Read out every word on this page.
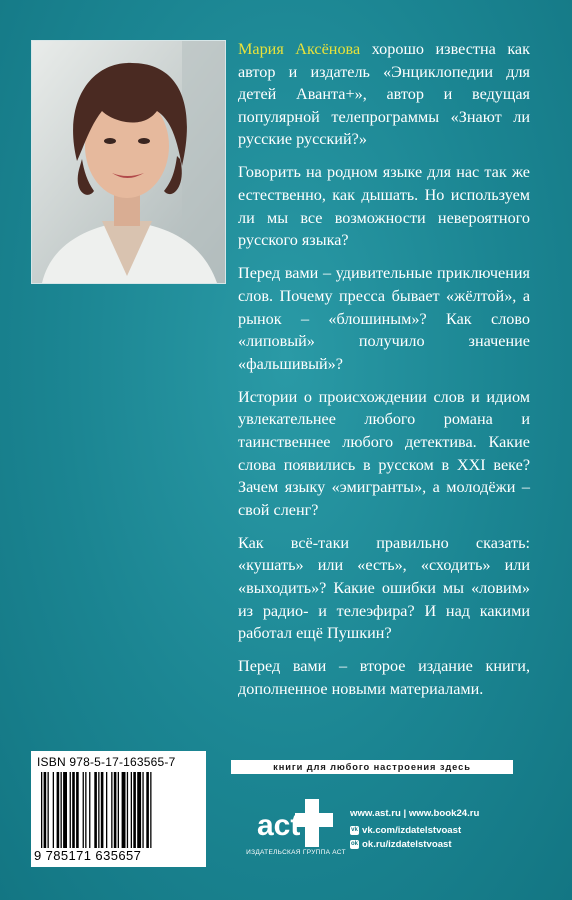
Мария Аксёнова хорошо известна как автор и издатель «Энциклопедии для детей Аванта+», автор и ведущая популярной телепрограммы «Знают ли русские русский?»

Говорить на родном языке для нас так же естественно, как дышать. Но используем ли мы все возможности невероятного русского языка?

Перед вами – удивительные приключения слов. Почему пресса бывает «жёлтой», а рынок – «блошиным»? Как слово «липовый» получило значение «фальшивый»?

Истории о происхождении слов и идиом увлекательнее любого романа и таинственнее любого детектива. Какие слова появились в русском в XXI веке? Зачем языку «эмигранты», а молодёжи – свой сленг?

Как всё-таки правильно сказать: «кушать» или «есть», «сходить» или «выходить»? Какие ошибки мы «ловим» из радио- и телеэфира? И над какими работал ещё Пушкин?

Перед вами – второе издание книги, дополненное новыми материалами.

ISBN 978-5-17-163565-7
9 785171 635657
книги для любого настроения здесь
act
ИЗДАТЕЛЬСКАЯ ГРУППА АСТ
www.ast.ru | www.book24.ru
vk vk.com/izdatelstvoast
ok ok.ru/izdatelstvoast
